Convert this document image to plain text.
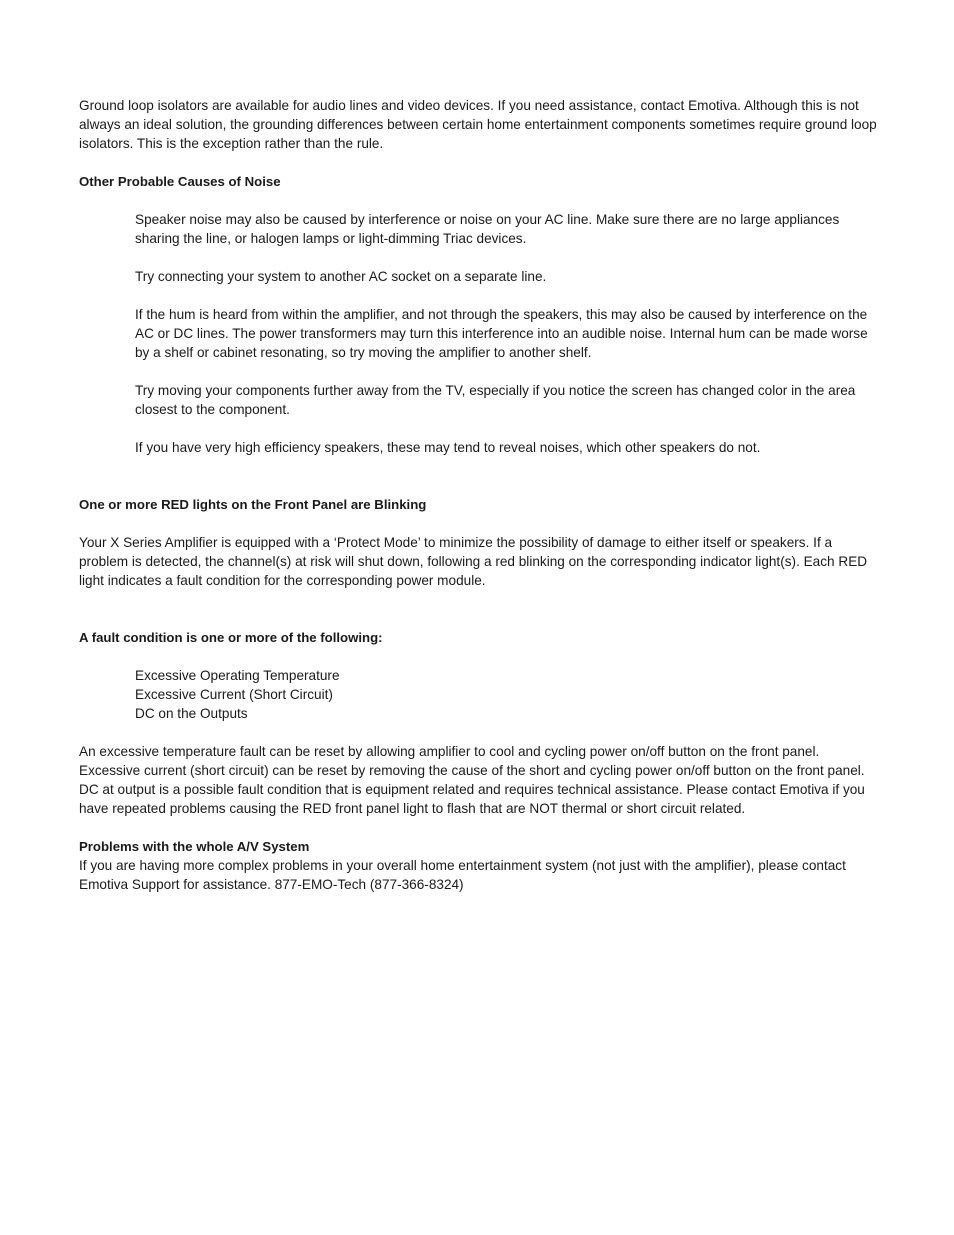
Ground loop isolators are available for audio lines and video devices. If you need assistance, contact Emotiva. Although this is not always an ideal solution, the grounding differences between certain home entertainment components sometimes require ground loop isolators. This is the exception rather than the rule.

Other Probable Causes of Noise

Speaker noise may also be caused by interference or noise on your AC line. Make sure there are no large appliances sharing the line, or halogen lamps or light-dimming Triac devices.

Try connecting your system to another AC socket on a separate line.

If the hum is heard from within the amplifier, and not through the speakers, this may also be caused by interference on the AC or DC lines. The power transformers may turn this interference into an audible noise. Internal hum can be made worse by a shelf or cabinet resonating, so try moving the amplifier to another shelf.

Try moving your components further away from the TV, especially if you notice the screen has changed color in the area closest to the component.

If you have very high efficiency speakers, these may tend to reveal noises, which other speakers do not.

One or more RED lights on the Front Panel are Blinking

Your X Series Amplifier is equipped with a ‘Protect Mode’ to minimize the possibility of damage to either itself or speakers. If a problem is detected, the channel(s) at risk will shut down, following a red blinking on the corresponding indicator light(s). Each RED light indicates a fault condition for the corresponding power module.

A fault condition is one or more of the following:

Excessive Operating Temperature

Excessive Current (Short Circuit)

DC on the Outputs

An excessive temperature fault can be reset by allowing amplifier to cool and cycling power on/off button on the front panel. Excessive current (short circuit) can be reset by removing the cause of the short and cycling power on/off button on the front panel. DC at output is a possible fault condition that is equipment related and requires technical assistance. Please contact Emotiva if you have repeated problems causing the RED front panel light to flash that are NOT thermal or short circuit related.

Problems with the whole A/V System

If you are having more complex problems in your overall home entertainment system (not just with the amplifier), please contact Emotiva Support for assistance. 877-EMO-Tech (877-366-8324)
